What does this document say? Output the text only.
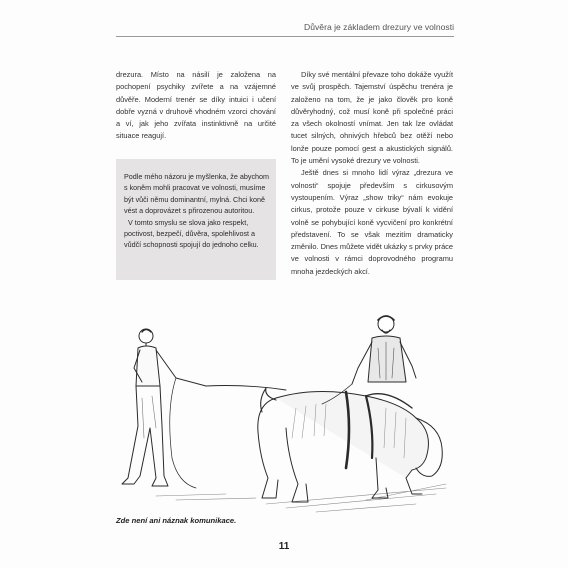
Důvěra je základem drezury ve volnosti

drezura. Místo na násilí je založena na pochopení psychiky zvířete a na vzájemné důvěře. Moderní trenér se díky intuici i učení dobře vyzná v druhově vhodném vzorci chování a ví, jak jeho zvířata instinktivně na určité situace reagují.

Podle mého názoru je myšlenka, že abychom s koněm mohli pracovat ve volnosti, musíme být vůči němu dominantní, mylná. Chci koně vést a doprovázet s přirozenou autoritou.

V tomto smyslu se slova jako respekt, poctivost, bezpečí, důvěra, spolehlivost a vůdčí schopnosti spojují do jednoho celku.

Díky své mentální převaze toho dokáže využít ve svůj prospěch. Tajemství úspěchu trenéra je založeno na tom, že je jako člověk pro koně důvěryhodný, což musí koně při společné práci za všech okolností vnímat. Jen tak lze ovládat tucet silných, ohnivých hřebců bez otěží nebo lonže pouze pomocí gest a akustických signálů. To je umění vysoké drezury ve volnosti.

Ještě dnes si mnoho lidí výraz „drezura ve volnosti“ spojuje především s cirkusovým vystoupením. Výraz „show triky“ nám evokuje cirkus, protože pouze v cirkuse bývalí k vidění volně se pohybující koně vycvičení pro konkrétní představení. To se však mezitím dramaticky změnilo. Dnes můžete vidět ukázky s prvky práce ve volnosti v rámci doprovodného programu mnoha jezdeckých akcí.

Zde není ani náznak komunikace.
11
